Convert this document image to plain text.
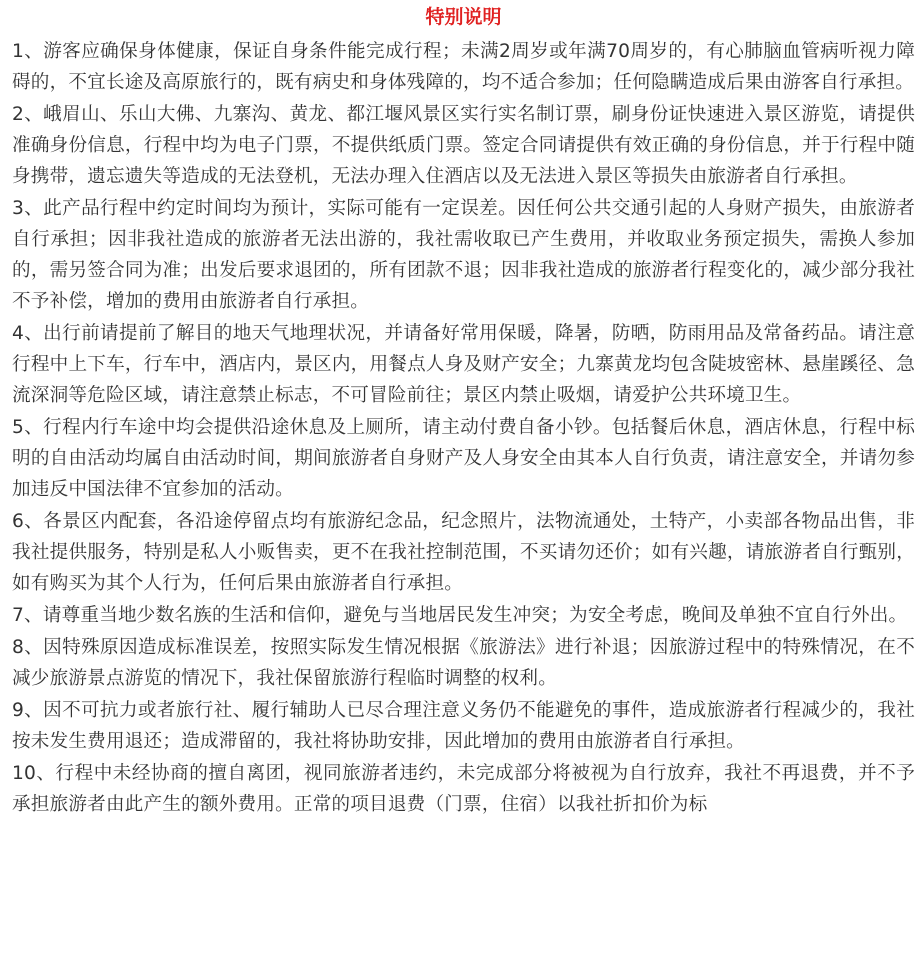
特别说明

1、游客应确保身体健康，保证自身条件能完成行程；未满2周岁或年满70周岁的，有心肺脑血管病听视力障碍的，不宜长途及高原旅行的，既有病史和身体残障的，均不适合参加；任何隐瞒造成后果由游客自行承担。

2、峨眉山、乐山大佛、九寨沟、黄龙、都江堰风景区实行实名制订票，刷身份证快速进入景区游览，请提供准确身份信息，行程中均为电子门票，不提供纸质门票。签定合同请提供有效正确的身份信息，并于行程中随身携带，遗忘遗失等造成的无法登机，无法办理入住酒店以及无法进入景区等损失由旅游者自行承担。

3、此产品行程中约定时间均为预计，实际可能有一定误差。因任何公共交通引起的人身财产损失，由旅游者自行承担；因非我社造成的旅游者无法出游的，我社需收取已产生费用，并收取业务预定损失，需换人参加的，需另签合同为准；出发后要求退团的，所有团款不退；因非我社造成的旅游者行程变化的，减少部分我社不予补偿，增加的费用由旅游者自行承担。

4、出行前请提前了解目的地天气地理状况，并请备好常用保暖，降暑，防晒，防雨用品及常备药品。请注意行程中上下车，行车中，酒店内，景区内，用餐点人身及财产安全；九寨黄龙均包含陡坡密林、悬崖蹊径、急流深洞等危险区域，请注意禁止标志，不可冒险前往；景区内禁止吸烟，请爱护公共环境卫生。

5、行程内行车途中均会提供沿途休息及上厕所，请主动付费自备小钞。包括餐后休息，酒店休息，行程中标明的自由活动均属自由活动时间，期间旅游者自身财产及人身安全由其本人自行负责，请注意安全，并请勿参加违反中国法律不宜参加的活动。

6、各景区内配套，各沿途停留点均有旅游纪念品，纪念照片，法物流通处，土特产，小卖部各物品出售，非我社提供服务，特别是私人小贩售卖，更不在我社控制范围，不买请勿还价；如有兴趣，请旅游者自行甄别，如有购买为其个人行为，任何后果由旅游者自行承担。

7、请尊重当地少数名族的生活和信仰，避免与当地居民发生冲突；为安全考虑，晚间及单独不宜自行外出。

8、因特殊原因造成标准误差，按照实际发生情况根据《旅游法》进行补退；因旅游过程中的特殊情况，在不减少旅游景点游览的情况下，我社保留旅游行程临时调整的权利。

9、因不可抗力或者旅行社、履行辅助人已尽合理注意义务仍不能避免的事件，造成旅游者行程减少的，我社按未发生费用退还；造成滞留的，我社将协助安排，因此增加的费用由旅游者自行承担。

10、行程中未经协商的擅自离团，视同旅游者违约，未完成部分将被视为自行放弃，我社不再退费，并不予承担旅游者由此产生的额外费用。正常的项目退费（门票，住宿）以我社折扣价为标
